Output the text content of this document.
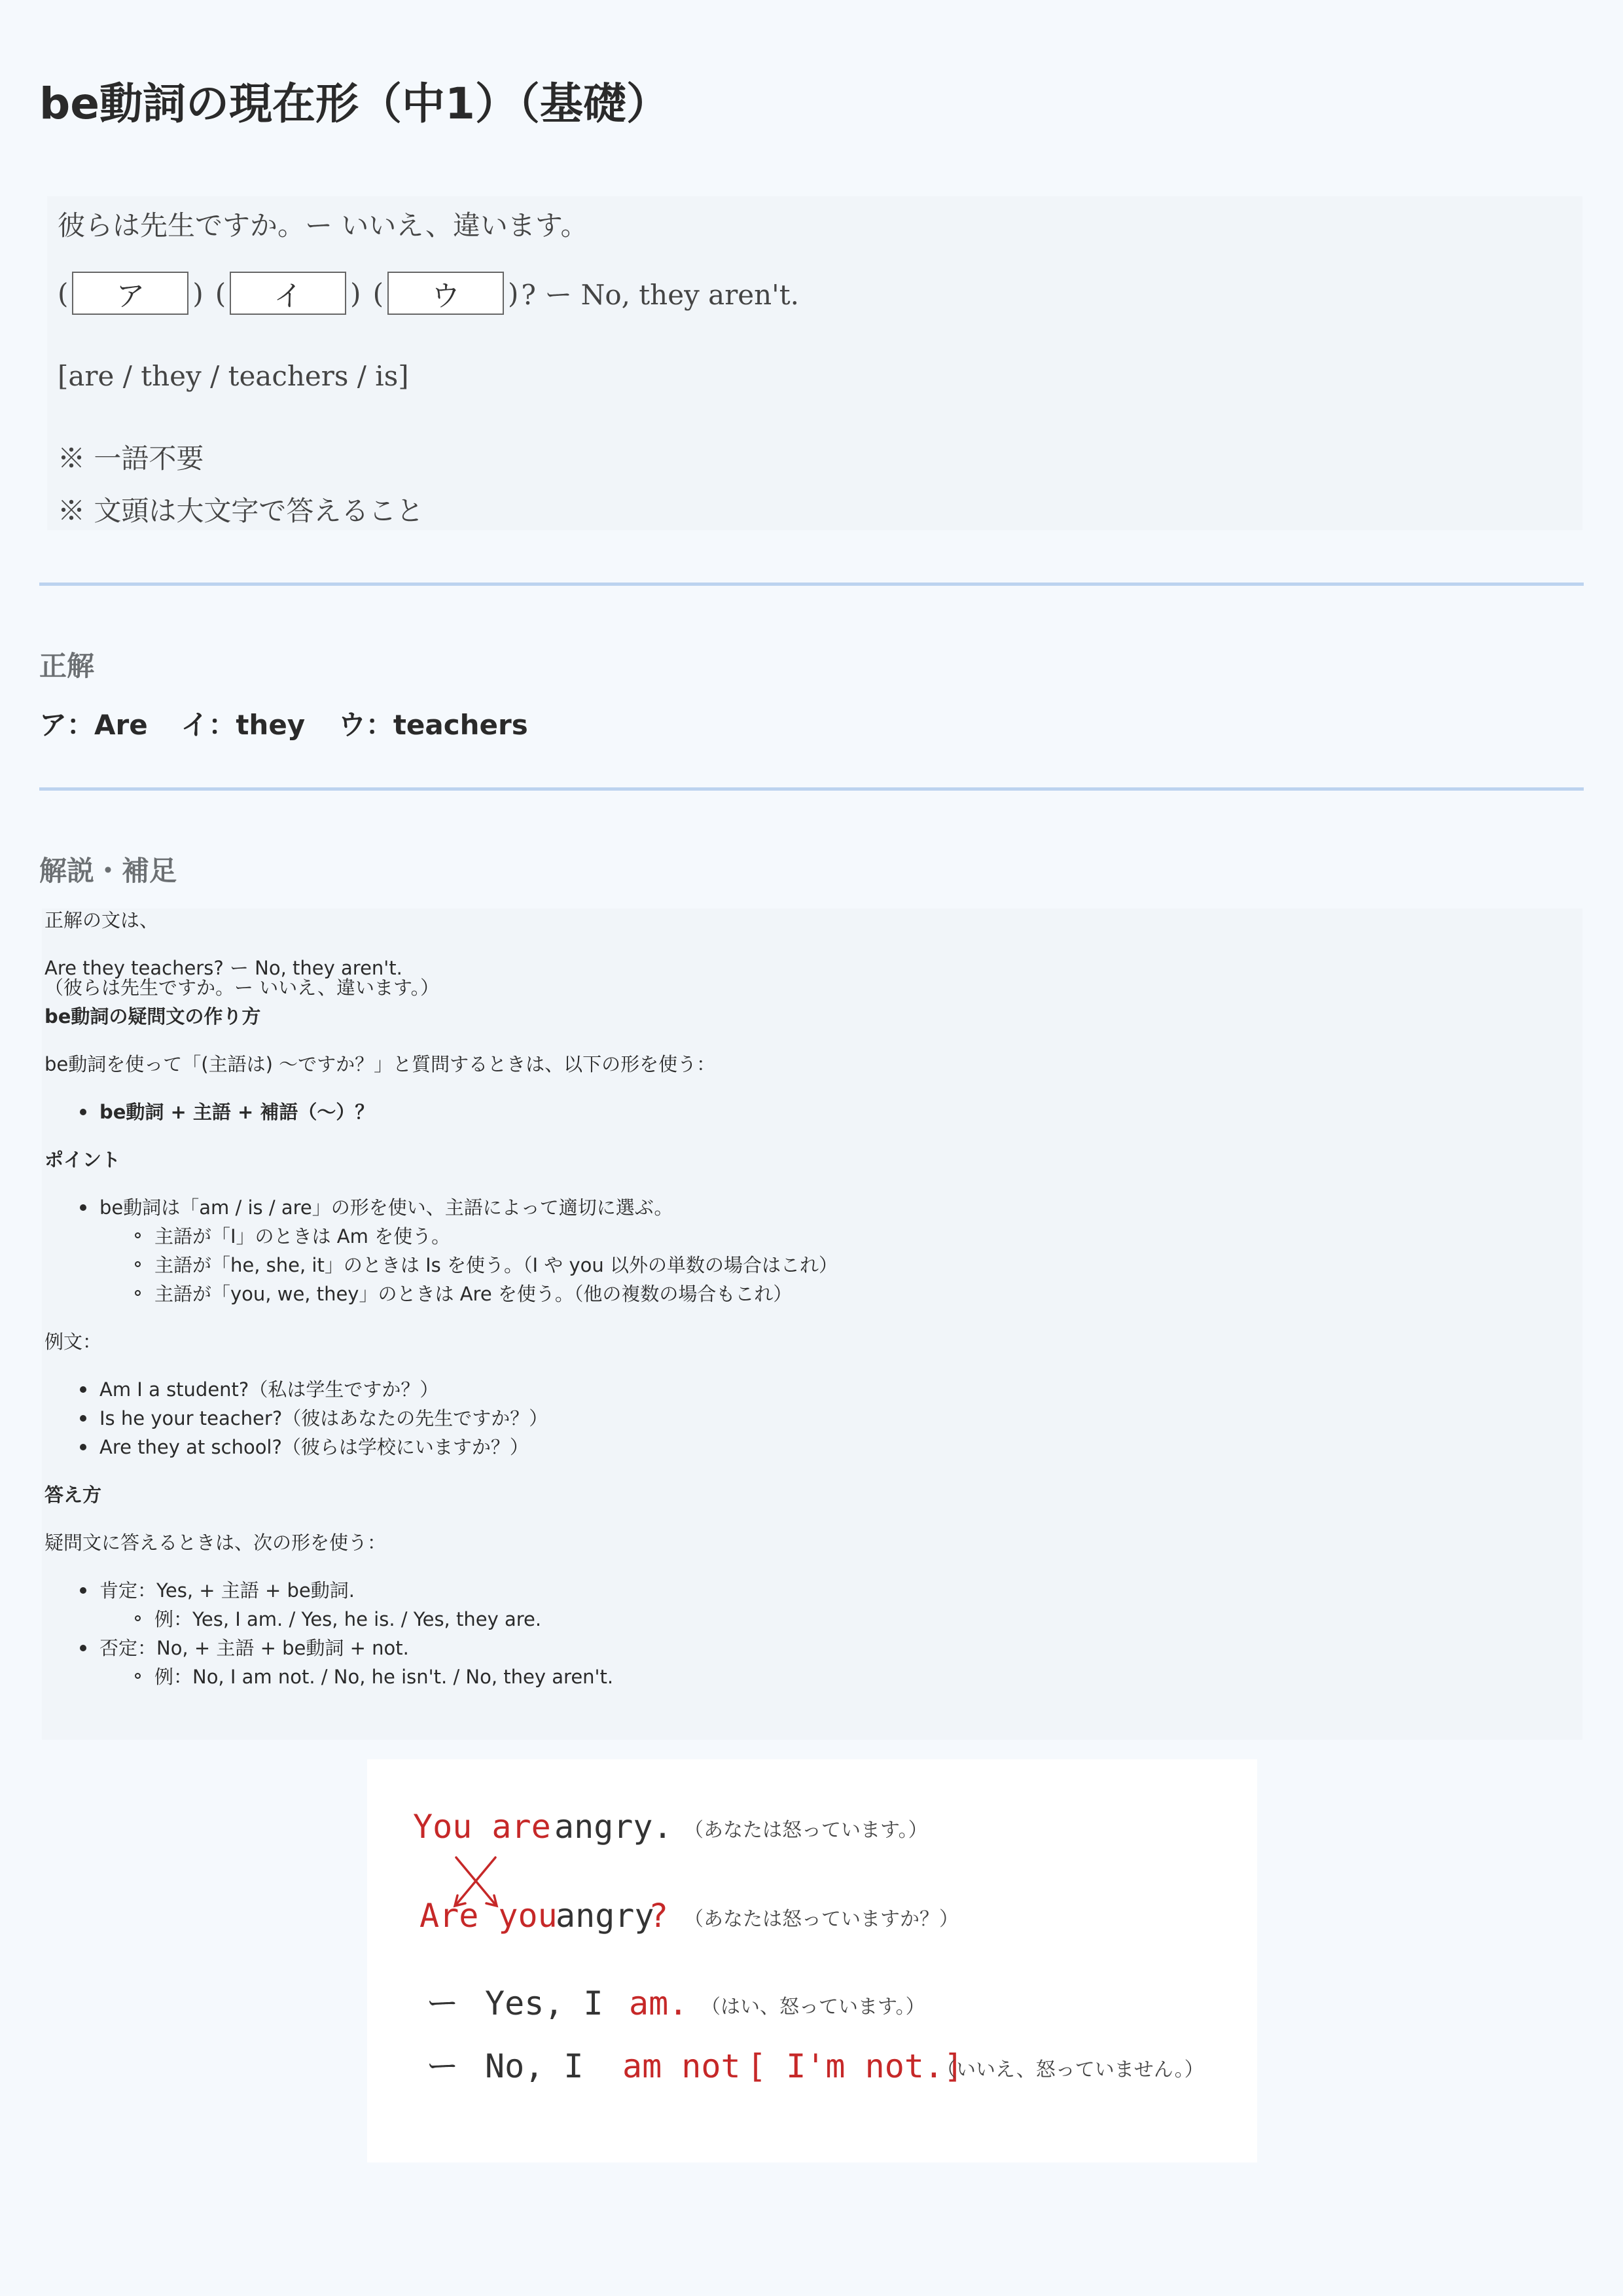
be動詞の現在形（中1）（基礎）
彼らは先生ですか。ー いいえ、違います。
(	ア	) (	イ	) (	ウ	) ? ー No, they aren't.
[are / they / teachers / is]
※ 一語不要
※ 文頭は大文字で答えること
正解
ア：Are イ：they ウ：teachers
解説・補足
正解の文は、
Are they teachers? ー No, they aren't.
（彼らは先生ですか。ー いいえ、違います。）
be動詞の疑問文の作り方
be動詞を使って「(主語は) 〜ですか？」と質問するときは、以下の形を使う：
be動詞 + 主語 + 補語（〜）？
ポイント
be動詞は「am / is / are」の形を使い、主語によって適切に選ぶ。
主語が「I」のときは Am を使う。
主語が「he, she, it」のときは Is を使う。（I や you 以外の単数の場合はこれ）
主語が「you, we, they」のときは Are を使う。（他の複数の場合もこれ）
例文：
Am I a student?（私は学生ですか？）
Is he your teacher?（彼はあなたの先生ですか？）
Are they at school?（彼らは学校にいますか？）
答え方
疑問文に答えるときは、次の形を使う：
肯定：Yes, + 主語 + be動詞.
例：Yes, I am. / Yes, he is. / Yes, they are.
否定：No, + 主語 + be動詞 + not.
例：No, I am not. / No, he isn't. / No, they aren't.
You are angry. （あなたは怒っています。）
Are you
angry
? （あなたは怒っていますか？）
ー Yes, I am. （はい、怒っています。）
ー No, I am not [ I'm not.]
（いいえ、怒っていません。）
